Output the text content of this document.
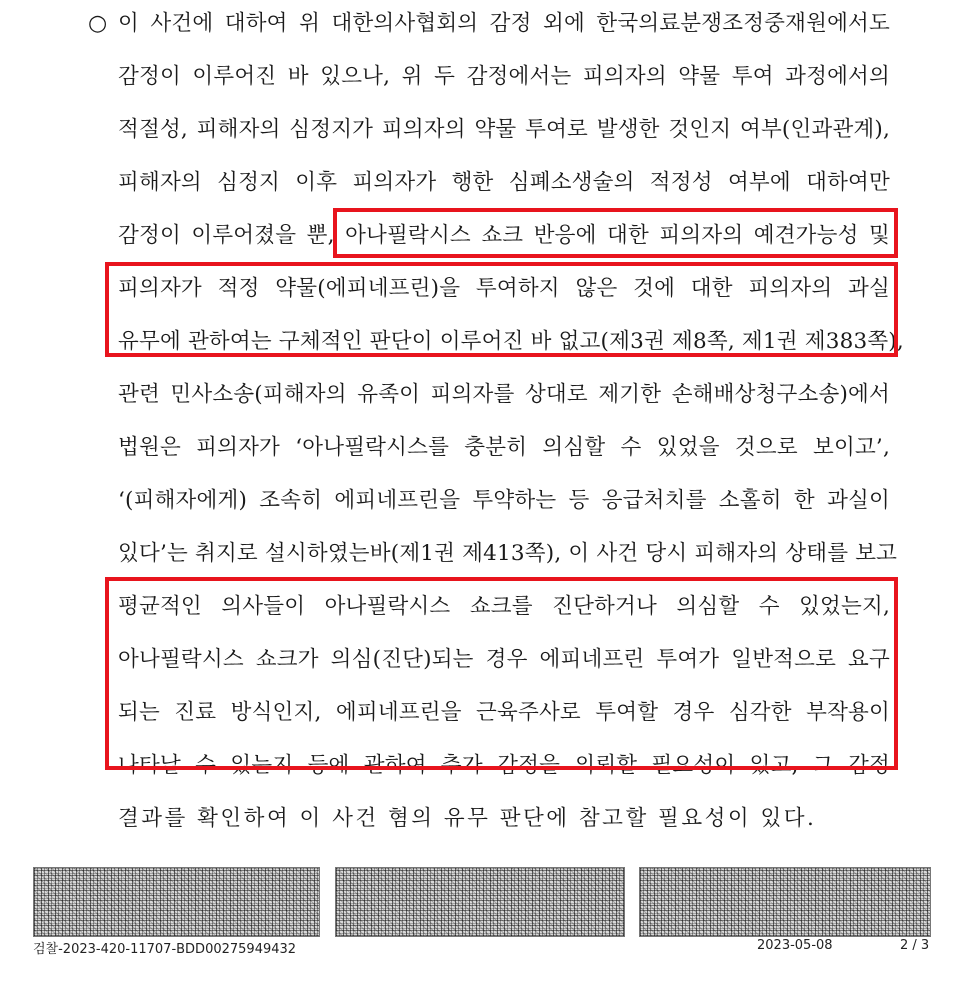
○ 이 사건에 대하여 위 대한의사협회의 감정 외에 한국의료분쟁조정중재원에서도
감정이 이루어진 바 있으나, 위 두 감정에서는 피의자의 약물 투여 과정에서의
적절성, 피해자의 심정지가 피의자의 약물 투여로 발생한 것인지 여부(인과관계),
피해자의 심정지 이후 피의자가 행한 심폐소생술의 적정성 여부에 대하여만
감정이 이루어졌을 뿐, 아나필락시스 쇼크 반응에 대한 피의자의 예견가능성 및
피의자가 적정 약물(에피네프린)을 투여하지 않은 것에 대한 피의자의 과실
유무에 관하여는 구체적인 판단이 이루어진 바 없고(제3권 제8쪽, 제1권 제383쪽),
관련 민사소송(피해자의 유족이 피의자를 상대로 제기한 손해배상청구소송)에서
법원은 피의자가 ‘아나필락시스를 충분히 의심할 수 있었을 것으로 보이고’,
‘(피해자에게) 조속히 에피네프린을 투약하는 등 응급처치를 소홀히 한 과실이
있다’는 취지로 설시하였는바(제1권 제413쪽), 이 사건 당시 피해자의 상태를 보고
평균적인 의사들이 아나필락시스 쇼크를 진단하거나 의심할 수 있었는지,
아나필락시스 쇼크가 의심(진단)되는 경우 에피네프린 투여가 일반적으로 요구
되는 진료 방식인지, 에피네프린을 근육주사로 투여할 경우 심각한 부작용이
나타날 수 있는지 등에 관하여 추가 감정을 의뢰할 필요성이 있고, 그 감정
결과를 확인하여 이 사건 혐의 유무 판단에 참고할 필요성이 있다.
검찰-2023-420-11707-BDD00275949432	2023-05-08	2 / 3
